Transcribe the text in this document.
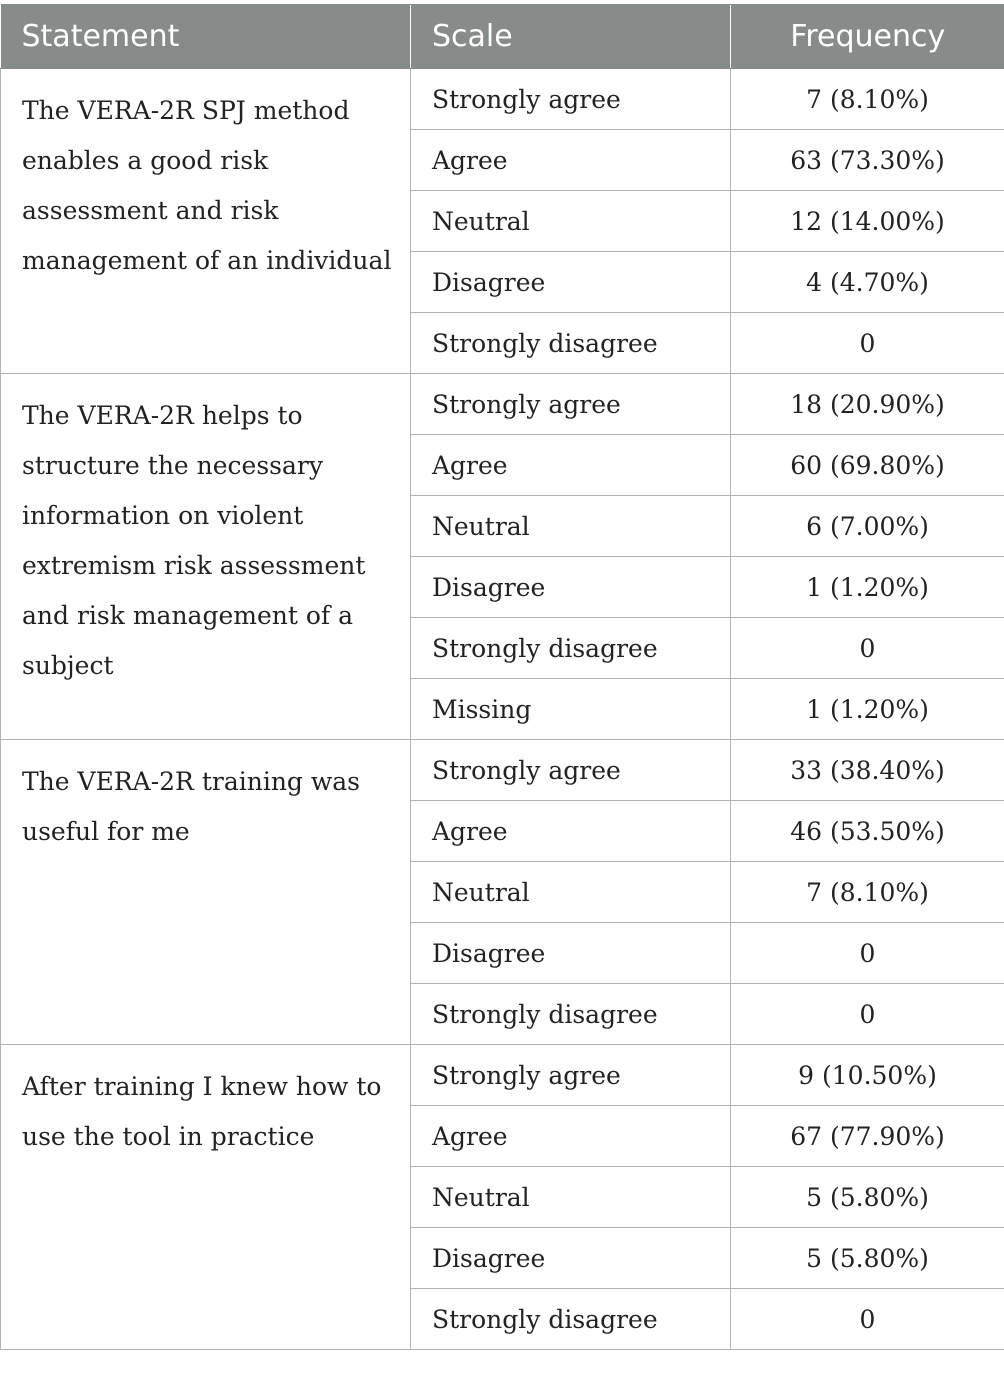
Statement	Scale	Frequency
The VERA-2R SPJ method enables a good risk assessment and risk management of an individual	Strongly agree	7 (8.10%)
	Agree	63 (73.30%)
	Neutral	12 (14.00%)
	Disagree	4 (4.70%)
	Strongly disagree	0
The VERA-2R helps to structure the necessary information on violent extremism risk assessment and risk management of a subject	Strongly agree	18 (20.90%)
	Agree	60 (69.80%)
	Neutral	6 (7.00%)
	Disagree	1 (1.20%)
	Strongly disagree	0
	Missing	1 (1.20%)
The VERA-2R training was useful for me	Strongly agree	33 (38.40%)
	Agree	46 (53.50%)
	Neutral	7 (8.10%)
	Disagree	0
	Strongly disagree	0
After training I knew how to use the tool in practice	Strongly agree	9 (10.50%)
	Agree	67 (77.90%)
	Neutral	5 (5.80%)
	Disagree	5 (5.80%)
	Strongly disagree	0
